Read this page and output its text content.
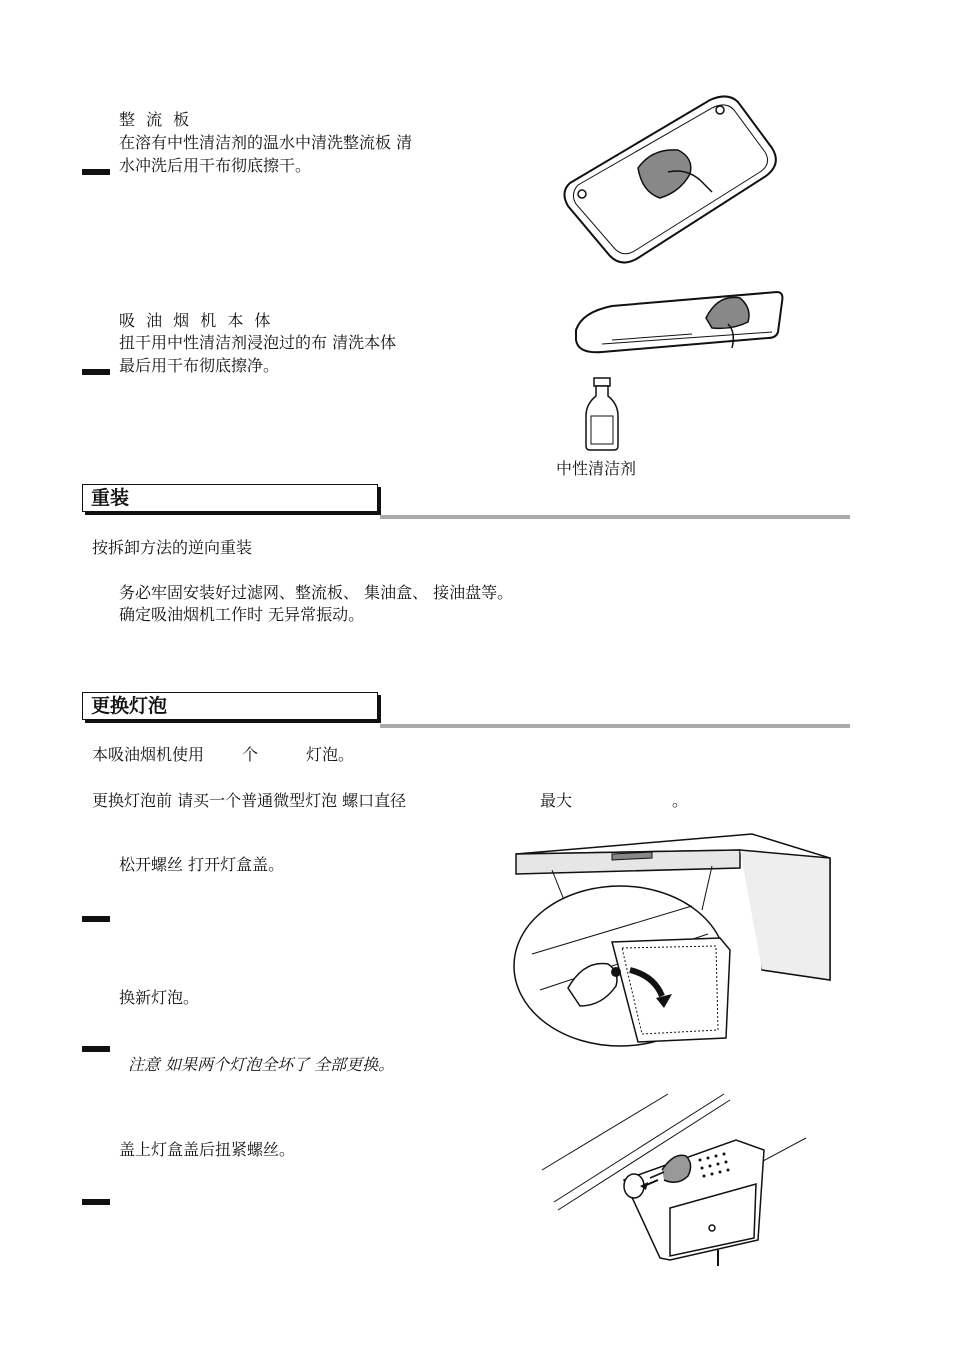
整 流 板
在溶有中性清洁剂的温水中清洗整流板 清
水冲洗后用干布彻底擦干。
吸 油 烟 机 本 体
扭干用中性清洁剂浸泡过的布 清洗本体
最后用干布彻底擦净。
中性清洁剂
重装
按拆卸方法的逆向重装
务必牢固安装好过滤网、整流板、 集油盒、 接油盘等。
确定吸油烟机工作时 无异常振动。
更换灯泡
本吸油烟机使用 个	灯泡。
更换灯泡前 请买一个普通微型灯泡 螺口直径	最大	。
松开螺丝 打开灯盒盖。
换新灯泡。
注意 如果两个灯泡全坏了 全部更换。
盖上灯盒盖后扭紧螺丝。
